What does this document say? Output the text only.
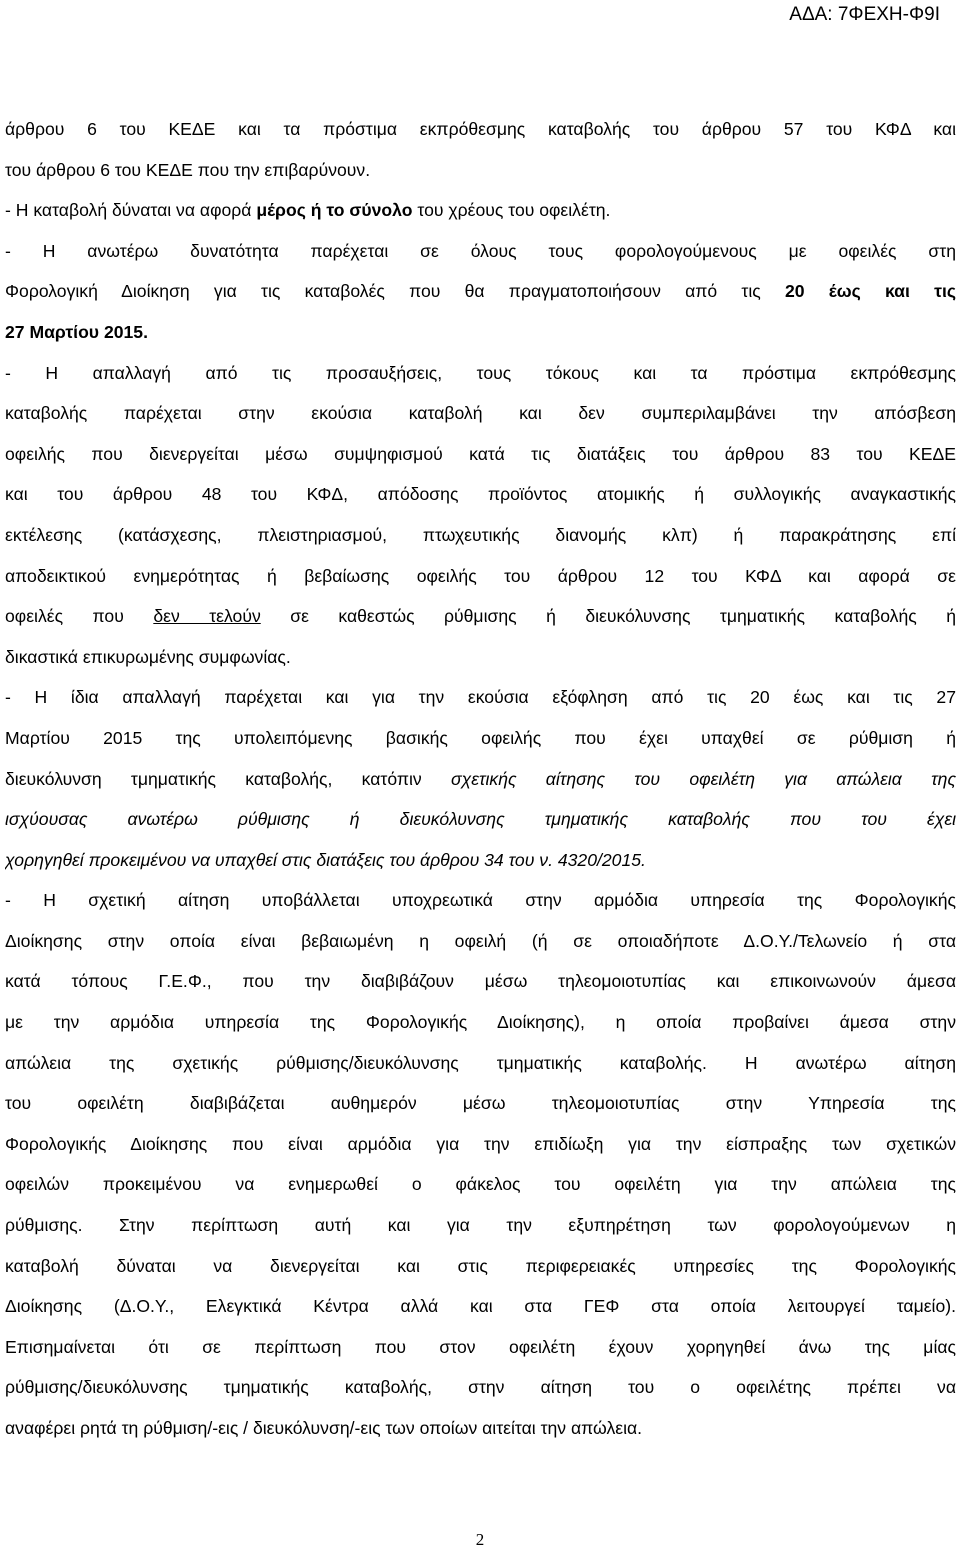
ΑΔΑ: 7ΦΕΧΗ-Φ9Ι
άρθρου 6 του ΚΕΔΕ και τα πρόστιμα εκπρόθεσμης καταβολής του άρθρου 57 του ΚΦΔ και
του άρθρου 6 του ΚΕΔΕ που την επιβαρύνουν.
- Η καταβολή δύναται να αφορά μέρος ή το σύνολο του χρέους του οφειλέτη.
- Η ανωτέρω δυνατότητα παρέχεται σε όλους τους φορολογούμενους με οφειλές στη
Φορολογική Διοίκηση για τις καταβολές που θα πραγματοποιήσουν από τις 20 έως και τις
27 Μαρτίου 2015.
- Η απαλλαγή από τις προσαυξήσεις, τους τόκους και τα πρόστιμα εκπρόθεσμης
καταβολής παρέχεται στην εκούσια καταβολή και δεν συμπεριλαμβάνει την απόσβεση
οφειλής που διενεργείται μέσω συμψηφισμού κατά τις διατάξεις του άρθρου 83 του ΚΕΔΕ
και του άρθρου 48 του ΚΦΔ, απόδοσης προϊόντος ατομικής ή συλλογικής αναγκαστικής
εκτέλεσης (κατάσχεσης, πλειστηριασμού, πτωχευτικής διανομής κλπ) ή παρακράτησης επί
αποδεικτικού ενημερότητας ή βεβαίωσης οφειλής του άρθρου 12 του ΚΦΔ και αφορά σε
οφειλές που δεν τελούν σε καθεστώς ρύθμισης ή διευκόλυνσης τμηματικής καταβολής ή
δικαστικά επικυρωμένης συμφωνίας.
- Η ίδια απαλλαγή παρέχεται και για την εκούσια εξόφληση από τις 20 έως και τις 27
Μαρτίου 2015 της υπολειπόμενης βασικής οφειλής που έχει υπαχθεί σε ρύθμιση ή
διευκόλυνση τμηματικής καταβολής, κατόπιν σχετικής αίτησης του οφειλέτη για απώλεια της
ισχύουσας ανωτέρω ρύθμισης ή διευκόλυνσης τμηματικής καταβολής που του έχει
χορηγηθεί προκειμένου να υπαχθεί στις διατάξεις του άρθρου 34 του ν. 4320/2015.
- Η σχετική αίτηση υποβάλλεται υποχρεωτικά στην αρμόδια υπηρεσία της Φορολογικής
Διοίκησης στην οποία είναι βεβαιωμένη η οφειλή (ή σε οποιαδήποτε Δ.Ο.Υ./Τελωνείο ή στα
κατά τόπους Γ.Ε.Φ., που την διαβιβάζουν μέσω τηλεομοιοτυπίας και επικοινωνούν άμεσα
με την αρμόδια υπηρεσία της Φορολογικής Διοίκησης), η οποία προβαίνει άμεσα στην
απώλεια της σχετικής ρύθμισης/διευκόλυνσης τμηματικής καταβολής. Η ανωτέρω αίτηση
του οφειλέτη διαβιβάζεται αυθημερόν μέσω τηλεομοιοτυπίας στην Υπηρεσία της
Φορολογικής Διοίκησης που είναι αρμόδια για την επιδίωξη για την είσπραξης των σχετικών
οφειλών προκειμένου να ενημερωθεί ο φάκελος του οφειλέτη για την απώλεια της
ρύθμισης. Στην περίπτωση αυτή και για την εξυπηρέτηση των φορολογούμενων η
καταβολή δύναται να διενεργείται και στις περιφερειακές υπηρεσίες της Φορολογικής
Διοίκησης (Δ.Ο.Υ., Ελεγκτικά Κέντρα αλλά και στα ΓΕΦ στα οποία λειτουργεί ταμείο).
Επισημαίνεται ότι σε περίπτωση που στον οφειλέτη έχουν χορηγηθεί άνω της μίας
ρύθμισης/διευκόλυνσης τμηματικής καταβολής, στην αίτηση του ο οφειλέτης πρέπει να
αναφέρει ρητά τη ρύθμιση/-εις / διευκόλυνση/-εις των οποίων αιτείται την απώλεια.
2
